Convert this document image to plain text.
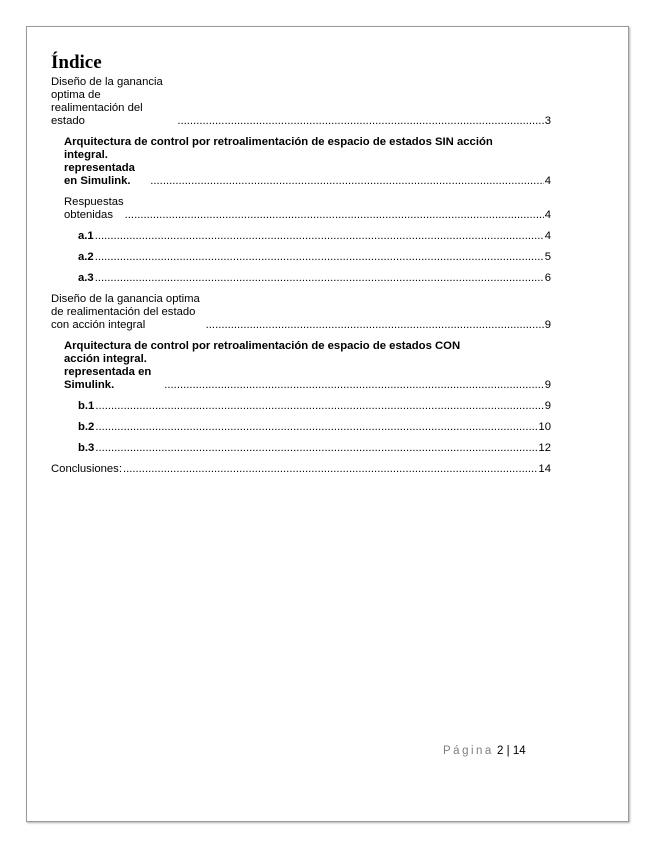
Índice
Diseño de la ganancia optima de realimentación del estado .....	3
Arquitectura de control por retroalimentación de espacio de estados SIN acción
integral. representada en Simulink. .....	4
Respuestas obtenidas .....	4
a.1 .....	4
a.2 .....	5
a.3 .....	6
Diseño de la ganancia optima de realimentación del estado con acción integral .....	9
Arquitectura de control por retroalimentación de espacio de estados CON
acción integral. representada en Simulink. .....	9
b.1 .....	9
b.2 .....	10
b.3 .....	12
Conclusiones: .....	14
Página 2 | 14
